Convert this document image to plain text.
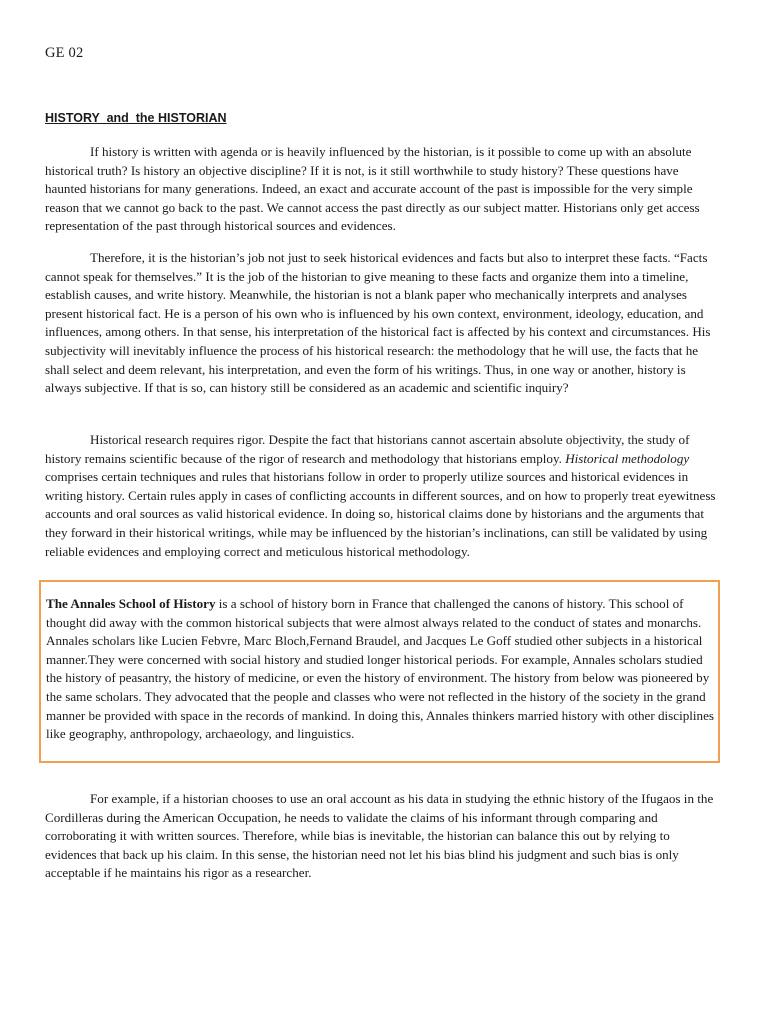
GE 02
HISTORY  and  the HISTORIAN

If history is written with agenda or is heavily influenced by the historian, is it possible to come up with an absolute historical truth? Is history an objective discipline? If it is not, is it still worthwhile to study history? These questions have haunted historians for many generations. Indeed, an exact and accurate account of the past is impossible for the very simple reason that we cannot go back to the past. We cannot access the past directly as our subject matter. Historians only get access representation of the past through historical sources and evidences.

Therefore, it is the historian’s job not just to seek historical evidences and facts but also to interpret these facts. “Facts cannot speak for themselves.” It is the job of the historian to give meaning to these facts and organize them into a timeline, establish causes, and write history. Meanwhile, the historian is not a blank paper who mechanically interprets and analyses present historical fact. He is a person of his own who is influenced by his own context, environment, ideology, education, and influences, among others. In that sense, his interpretation of the historical fact is affected by his context and circumstances. His subjectivity will inevitably influence the process of his historical research: the methodology that he will use, the facts that he shall select and deem relevant, his interpretation, and even the form of his writings. Thus, in one way or another, history is always subjective. If that is so, can history still be considered as an academic and scientific inquiry?

Historical research requires rigor. Despite the fact that historians cannot ascertain absolute objectivity, the study of history remains scientific because of the rigor of research and methodology that historians employ. Historical methodology comprises certain techniques and rules that historians follow in order to properly utilize sources and historical evidences in writing history. Certain rules apply in cases of conflicting accounts in different sources, and on how to properly treat eyewitness accounts and oral sources as valid historical evidence. In doing so, historical claims done by historians and the arguments that they forward in their historical writings, while may be influenced by the historian’s inclinations, can still be validated by using reliable evidences and employing correct and meticulous historical methodology.

The Annales School of History is a school of history born in France that challenged the canons of history. This school of thought did away with the common historical subjects that were almost always related to the conduct of states and monarchs. Annales scholars like Lucien Febvre, Marc Bloch,Fernand Braudel, and Jacques Le Goff studied other subjects in a historical manner.They were concerned with social history and studied longer historical periods. For example, Annales scholars studied the history of peasantry, the history of medicine, or even the history of environment. The history from below was pioneered by the same scholars. They advocated that the people and classes who were not reflected in the history of the society in the grand manner be provided with space in the records of mankind. In doing this, Annales thinkers married history with other disciplines like geography, anthropology, archaeology, and linguistics.

For example, if a historian chooses to use an oral account as his data in studying the ethnic history of the Ifugaos in the Cordilleras during the American Occupation, he needs to validate the claims of his informant through comparing and corroborating it with written sources. Therefore, while bias is inevitable, the historian can balance this out by relying to evidences that back up his claim. In this sense, the historian need not let his bias blind his judgment and such bias is only acceptable if he maintains his rigor as a researcher.
